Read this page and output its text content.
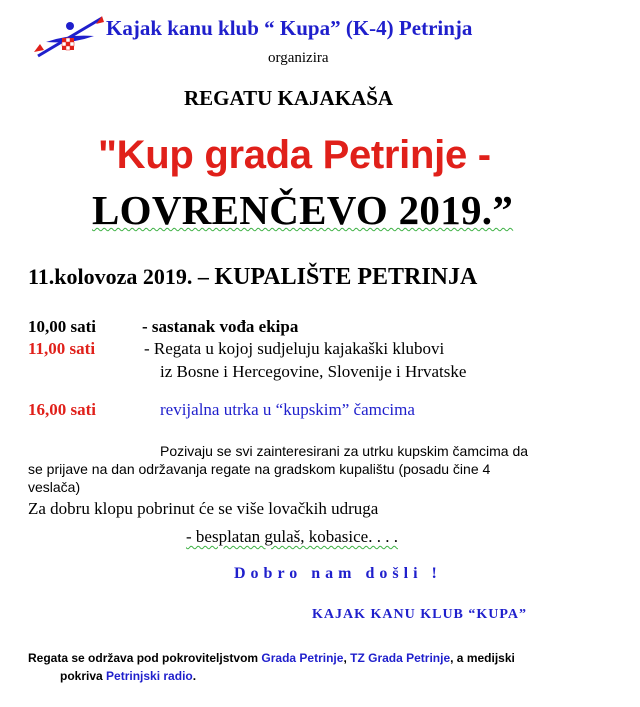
Kajak kanu klub “ Kupa” (K-4) Petrinja
organizira
REGATU KAJAKAŠA
"Kup grada Petrinje -
LOVRENČEVO 2019.”
11.kolovoza 2019. – KUPALIŠTE PETRINJA
10,00 sati	- sastanak vođa ekipa
11,00 sati	- Regata u kojoj sudjeluju kajakaški klubovi
iz Bosne i Hercegovine, Slovenije i Hrvatske
16,00 sati	revijalna utrka u “kupskim” čamcima
Pozivaju se svi zainteresirani za utrku kupskim čamcima da
se prijave na dan održavanja regate na gradskom kupalištu (posadu čine 4
veslača)
Za dobru klopu pobrinut će se više lovačkih udruga
- besplatan gulaš, kobasice. . . .
Dobro nam došli !
KAJAK KANU KLUB “KUPA”
Regata se održava pod pokroviteljstvom Grada Petrinje, TZ Grada Petrinje, a medijski
pokriva Petrinjski radio.
